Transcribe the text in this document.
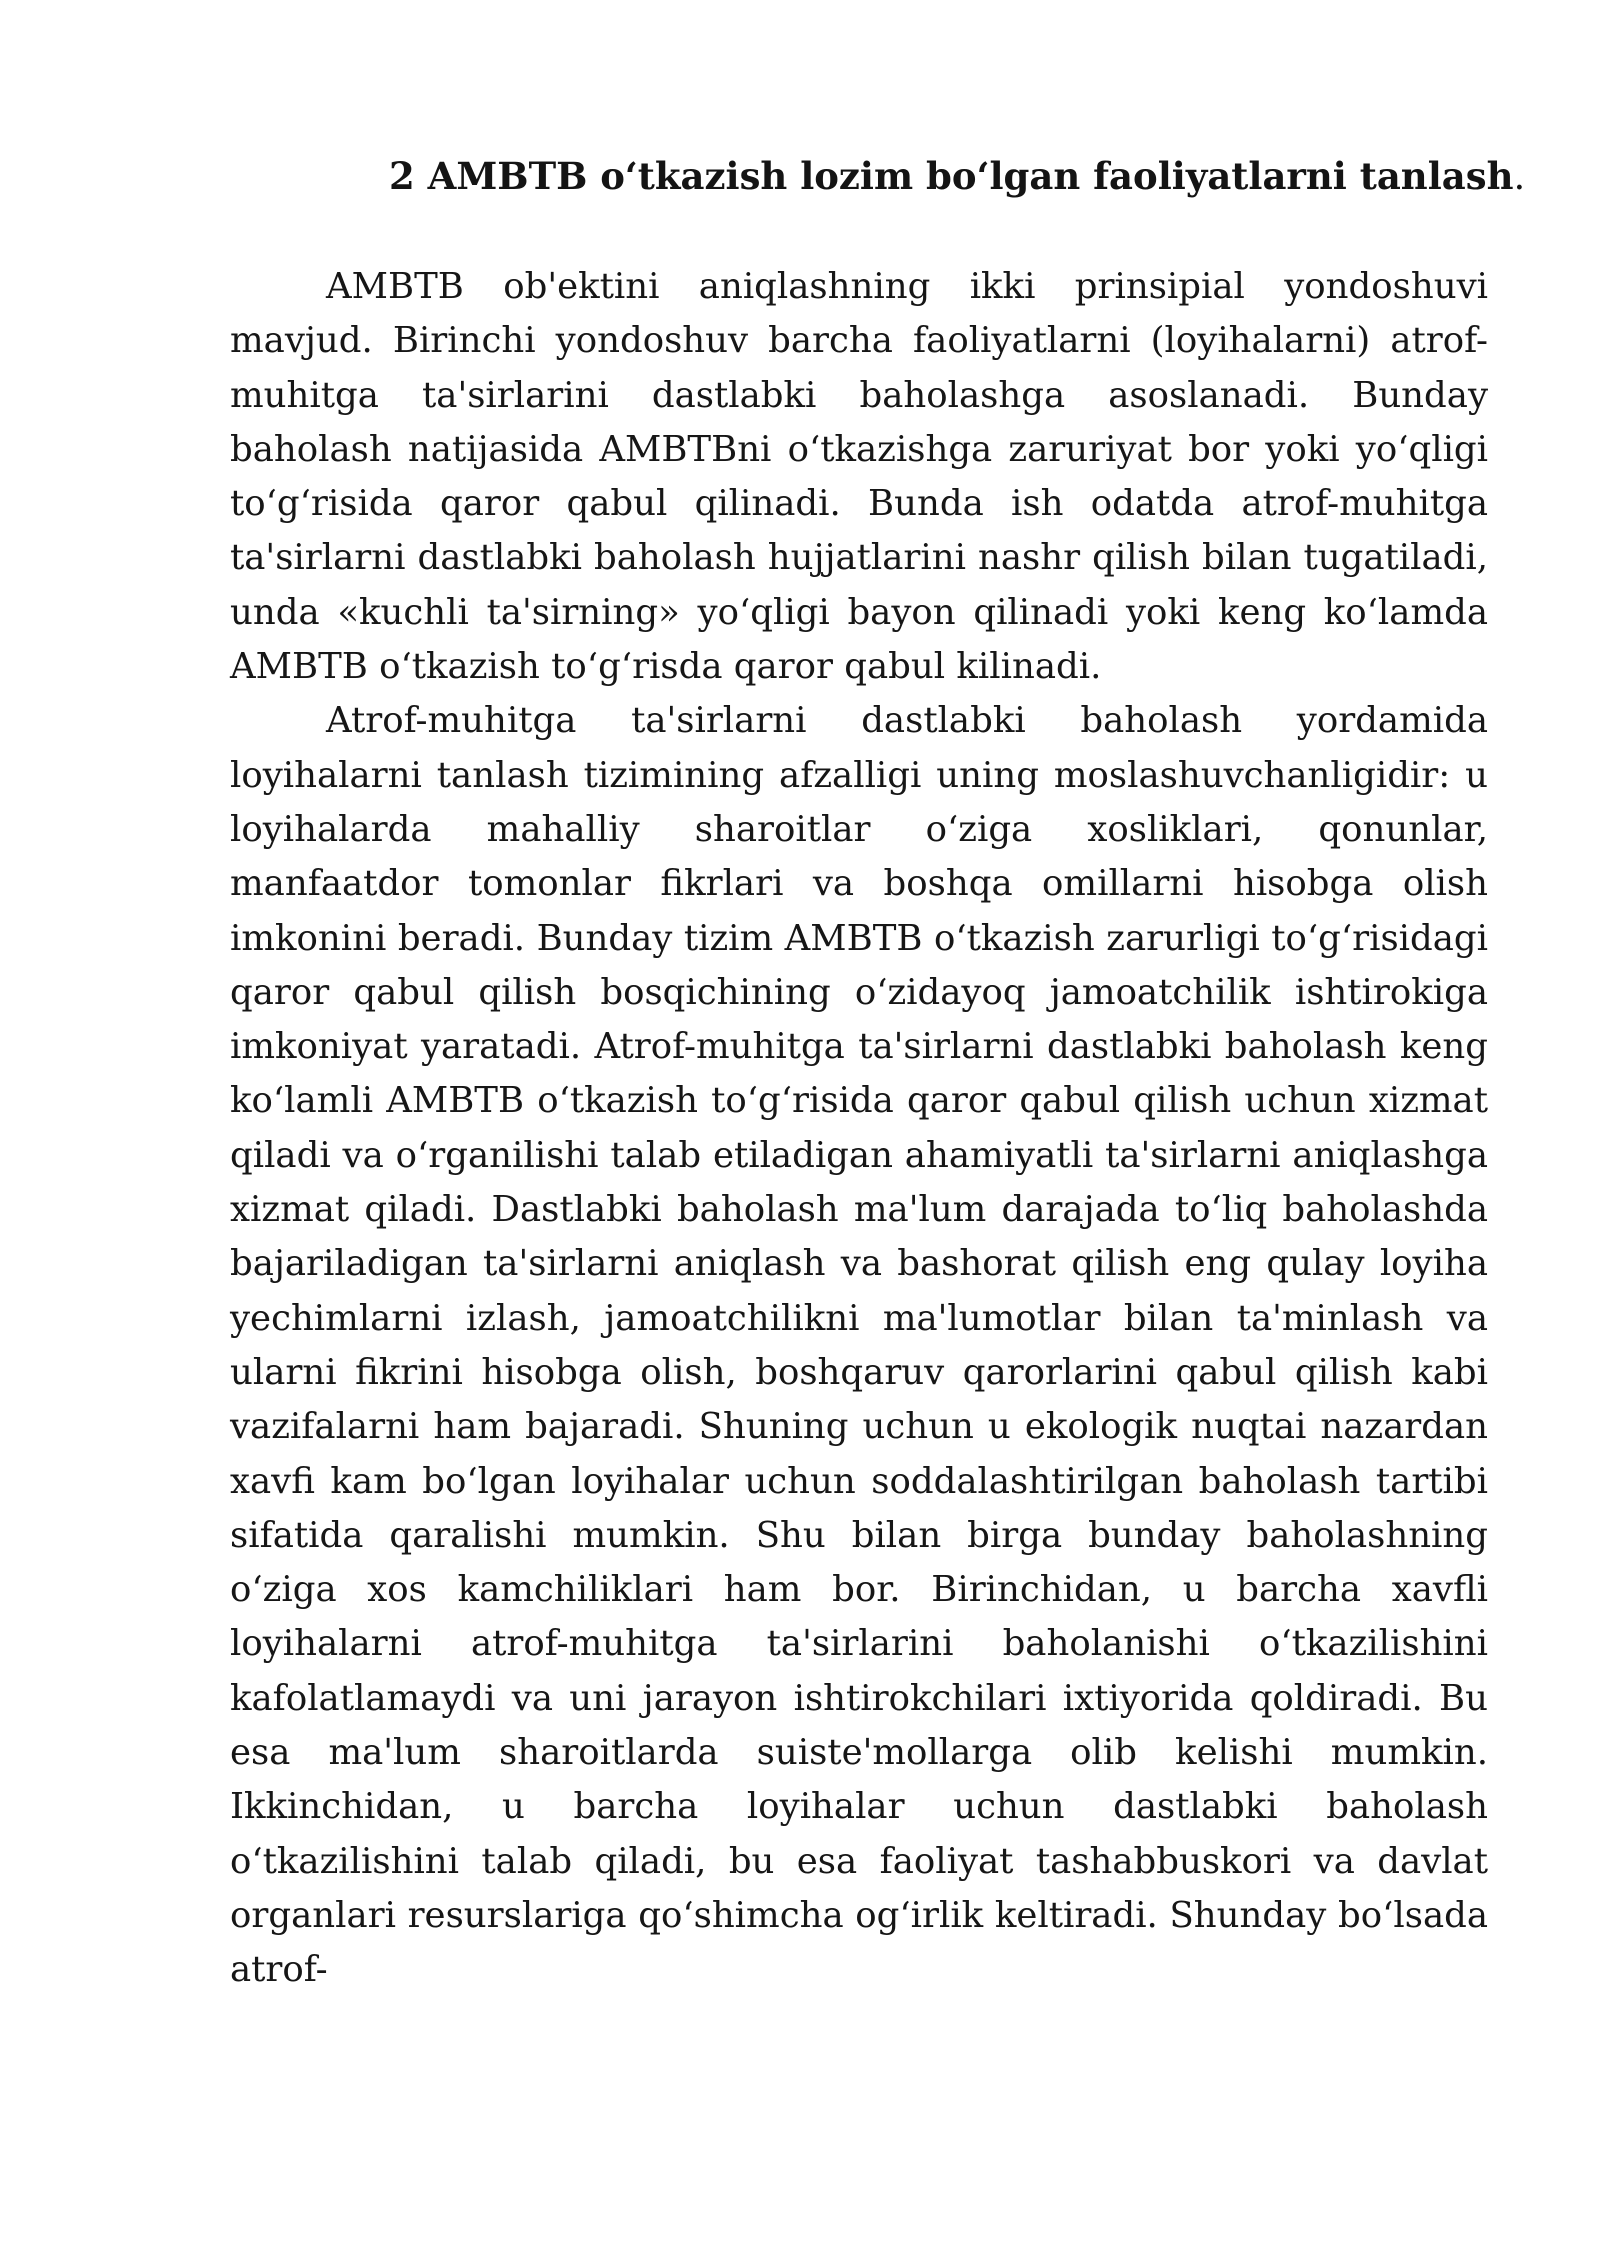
2 AMBTB o‘tkazish lozim bo‘lgan faoliyatlarni tanlash.

AMBTB ob'ektini aniqlashning ikki prinsipial yondoshuvi mavjud. Birinchi yondoshuv barcha faoliyatlarni (loyihalarni) atrof-muhitga ta'sirlarini dastlabki baholashga asoslanadi. Bunday baholash natijasida AMBTBni o‘tkazishga zaruriyat bor yoki yo‘qligi to‘g‘risida qaror qabul qilinadi. Bunda ish odatda atrof-muhitga ta'sirlarni dastlabki baholash hujjatlarini nashr qilish bilan tugatiladi, unda «kuchli ta'sirning» yo‘qligi bayon qilinadi yoki keng ko‘lamda AMBTB o‘tkazish to‘g‘risda qaror qabul kilinadi.

Atrof-muhitga ta'sirlarni dastlabki baholash yordamida loyihalarni tanlash tizimining afzalligi uning moslashuvchanligidir: u loyihalarda mahalliy sharoitlar o‘ziga xosliklari, qonunlar, manfaatdor tomonlar fikrlari va boshqa omillarni hisobga olish imkonini beradi. Bunday tizim AMBTB o‘tkazish zarurligi to‘g‘risidagi qaror qabul qilish bosqichining o‘zidayoq jamoatchilik ishtirokiga imkoniyat yaratadi. Atrof-muhitga ta'sirlarni dastlabki baholash keng ko‘lamli AMBTB o‘tkazish to‘g‘risida qaror qabul qilish uchun xizmat qiladi va o‘rganilishi talab etiladigan ahamiyatli ta'sirlarni aniqlashga xizmat qiladi. Dastlabki baholash ma'lum darajada to‘liq baholashda bajariladigan ta'sirlarni aniqlash va bashorat qilish eng qulay loyiha yechimlarni izlash, jamoatchilikni ma'lumotlar bilan ta'minlash va ularni fikrini hisobga olish, boshqaruv qarorlarini qabul qilish kabi vazifalarni ham bajaradi. Shuning uchun u ekologik nuqtai nazardan xavfi kam bo‘lgan loyihalar uchun soddalashtirilgan baholash tartibi sifatida qaralishi mumkin. Shu bilan birga bunday baholashning o‘ziga xos kamchiliklari ham bor. Birinchidan, u barcha xavfli loyihalarni atrof-muhitga ta'sirlarini baholanishi o‘tkazilishini kafolatlamaydi va uni jarayon ishtirokchilari ixtiyorida qoldiradi. Bu esa ma'lum sharoitlarda suiste'mollarga olib kelishi mumkin. Ikkinchidan, u barcha loyihalar uchun dastlabki baholash o‘tkazilishini talab qiladi, bu esa faoliyat tashabbuskori va davlat organlari resurslariga qo‘shimcha og‘irlik keltiradi. Shunday bo‘lsada atrof-
